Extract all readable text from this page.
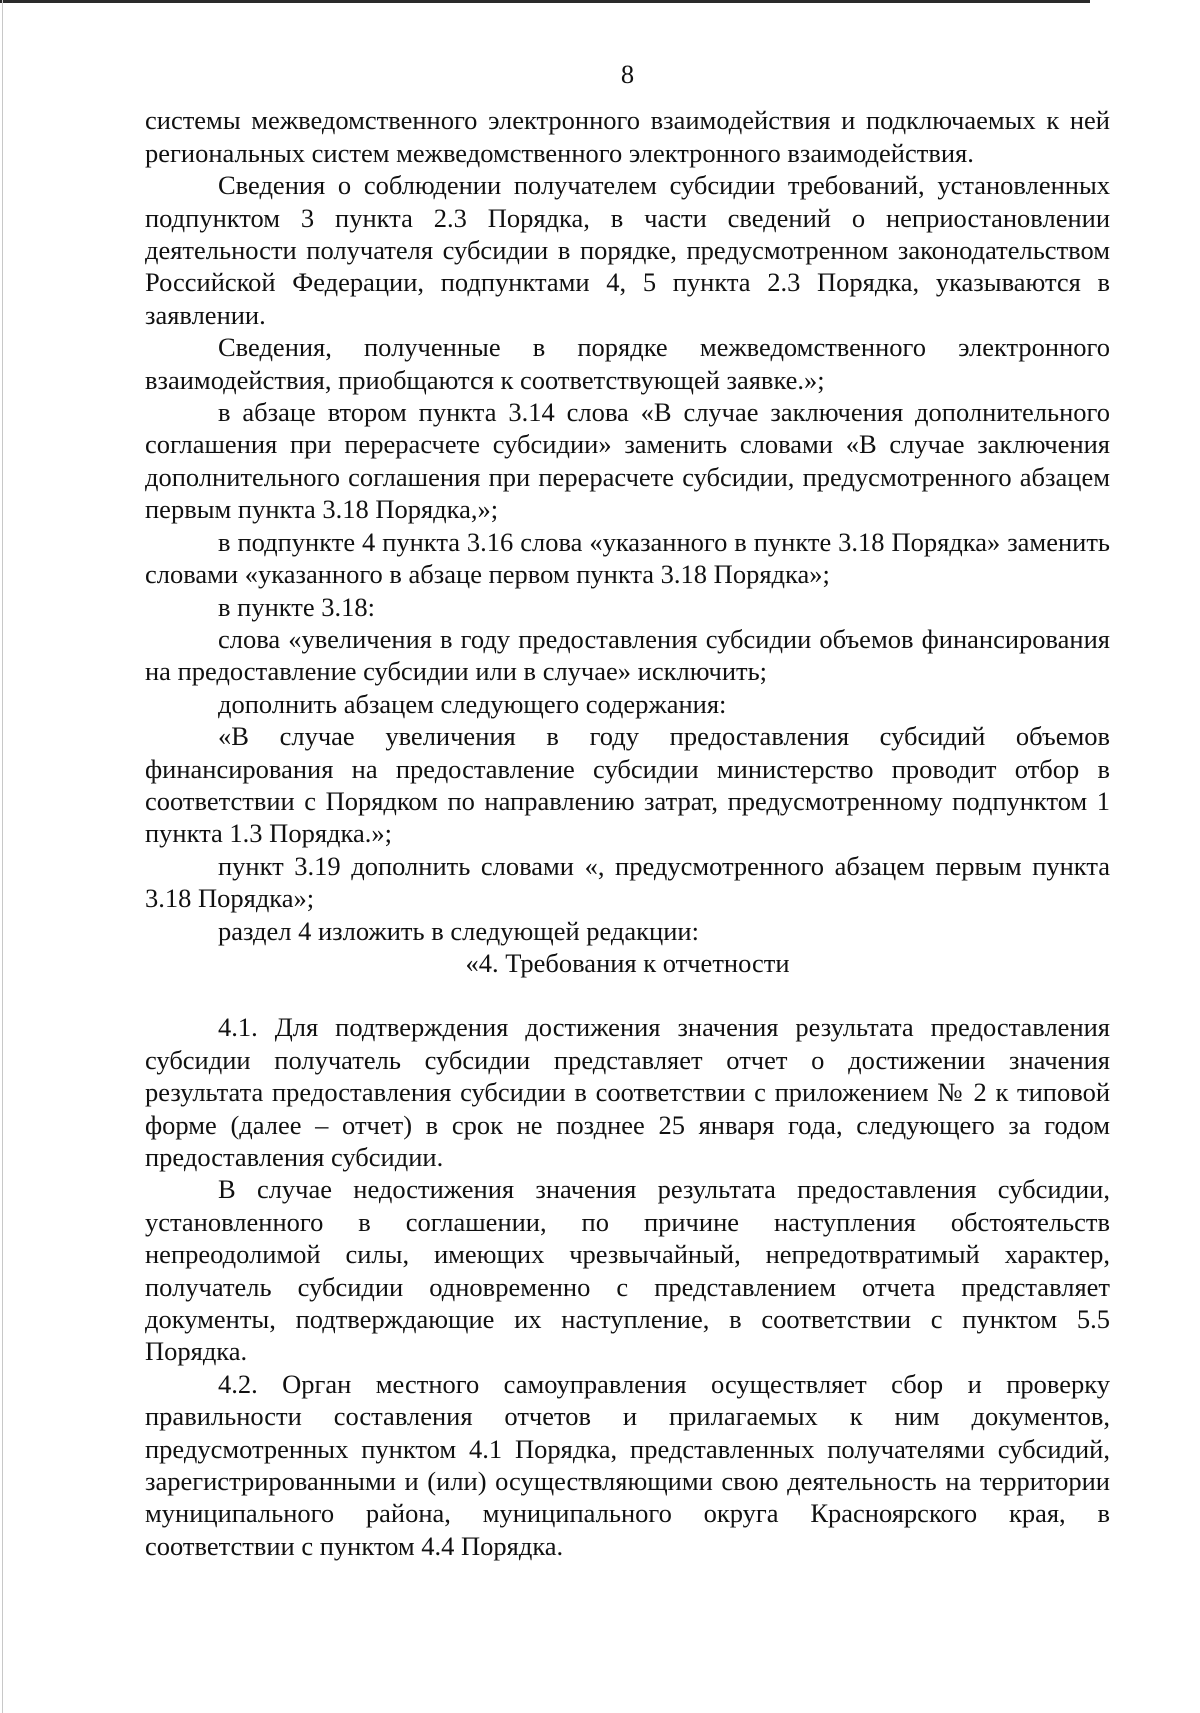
8

системы межведомственного электронного взаимодействия и подключаемых к ней региональных систем межведомственного электронного взаимодействия.

Сведения о соблюдении получателем субсидии требований, установленных подпунктом 3 пункта 2.3 Порядка, в части сведений о неприостановлении деятельности получателя субсидии в порядке, предусмотренном законодательством Российской Федерации, подпунктами 4, 5 пункта 2.3 Порядка, указываются в заявлении.

Сведения, полученные в порядке межведомственного электронного взаимодействия, приобщаются к соответствующей заявке.»;

в абзаце втором пункта 3.14 слова «В случае заключения дополнительного соглашения при перерасчете субсидии» заменить словами «В случае заключения дополнительного соглашения при перерасчете субсидии, предусмотренного абзацем первым пункта 3.18 Порядка,»;

в подпункте 4 пункта 3.16 слова «указанного в пункте 3.18 Порядка» заменить словами «указанного в абзаце первом пункта 3.18 Порядка»;

в пункте 3.18:

слова «увеличения в году предоставления субсидии объемов финансирования на предоставление субсидии или в случае» исключить;

дополнить абзацем следующего содержания:

«В случае увеличения в году предоставления субсидий объемов финансирования на предоставление субсидии министерство проводит отбор в соответствии с Порядком по направлению затрат, предусмотренному подпунктом 1 пункта 1.3 Порядка.»;

пункт 3.19 дополнить словами «, предусмотренного абзацем первым пункта 3.18 Порядка»;

раздел 4 изложить в следующей редакции:

«4. Требования к отчетности

4.1. Для подтверждения достижения значения результата предоставления субсидии получатель субсидии представляет отчет о достижении значения результата предоставления субсидии в соответствии с приложением № 2 к типовой форме (далее – отчет) в срок не позднее 25 января года, следующего за годом предоставления субсидии.

В случае недостижения значения результата предоставления субсидии, установленного в соглашении, по причине наступления обстоятельств непреодолимой силы, имеющих чрезвычайный, непредотвратимый характер, получатель субсидии одновременно с представлением отчета представляет документы, подтверждающие их наступление, в соответствии с пунктом 5.5 Порядка.

4.2. Орган местного самоуправления осуществляет сбор и проверку правильности составления отчетов и прилагаемых к ним документов, предусмотренных пунктом 4.1 Порядка, представленных получателями субсидий, зарегистрированными и (или) осуществляющими свою деятельность на территории муниципального района, муниципального округа Красноярского края, в соответствии с пунктом 4.4 Порядка.
